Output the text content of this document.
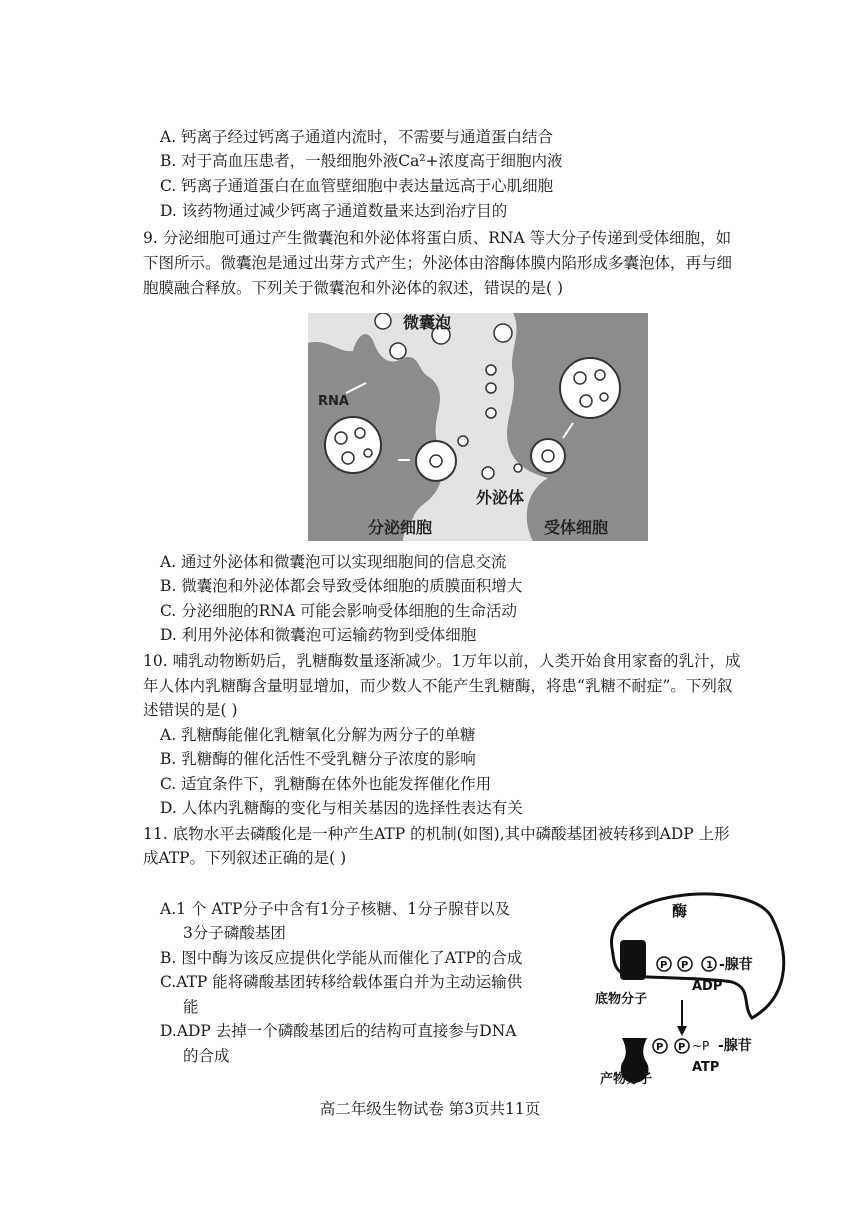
A. 钙离子经过钙离子通道内流时，不需要与通道蛋白结合
B. 对于高血压患者，一般细胞外液Ca²+浓度高于细胞内液
C. 钙离子通道蛋白在血管壁细胞中表达量远高于心肌细胞
D. 该药物通过减少钙离子通道数量来达到治疗目的
9. 分泌细胞可通过产生微囊泡和外泌体将蛋白质、RNA 等大分子传递到受体细胞，如
下图所示。微囊泡是通过出芽方式产生；外泌体由溶酶体膜内陷形成多囊泡体，再与细
胞膜融合释放。下列关于微囊泡和外泌体的叙述，错误的是( )
微囊泡
RNA
外泌体
分泌细胞	受体细胞
A. 通过外泌体和微囊泡可以实现细胞间的信息交流
B. 微囊泡和外泌体都会导致受体细胞的质膜面积增大
C. 分泌细胞的RNA 可能会影响受体细胞的生命活动
D. 利用外泌体和微囊泡可运输药物到受体细胞
10. 哺乳动物断奶后，乳糖酶数量逐渐减少。1万年以前，人类开始食用家畜的乳汁，成
年人体内乳糖酶含量明显增加，而少数人不能产生乳糖酶，将患“乳糖不耐症”。下列叙
述错误的是( )
A. 乳糖酶能催化乳糖氧化分解为两分子的单糖
B. 乳糖酶的催化活性不受乳糖分子浓度的影响
C. 适宜条件下，乳糖酶在体外也能发挥催化作用
D. 人体内乳糖酶的变化与相关基因的选择性表达有关
11. 底物水平去磷酸化是一种产生ATP 的机制(如图),其中磷酸基团被转移到ADP 上形
成ATP。下列叙述正确的是( )
A.1 个 ATP分子中含有1分子核糖、1分子腺苷以及
3分子磷酸基团
B. 图中酶为该反应提供化学能从而催化了ATP的合成
C.ATP 能将磷酸基团转移给载体蛋白并为主动运输供
能
D.ADP 去掉一个磷酸基团后的结构可直接参与DNA
的合成
酶
P P 1 -腺苷
底物分子
ADP
P P ~P -腺苷
产物分子
ATP
高二年级生物试卷 第3页共11页
